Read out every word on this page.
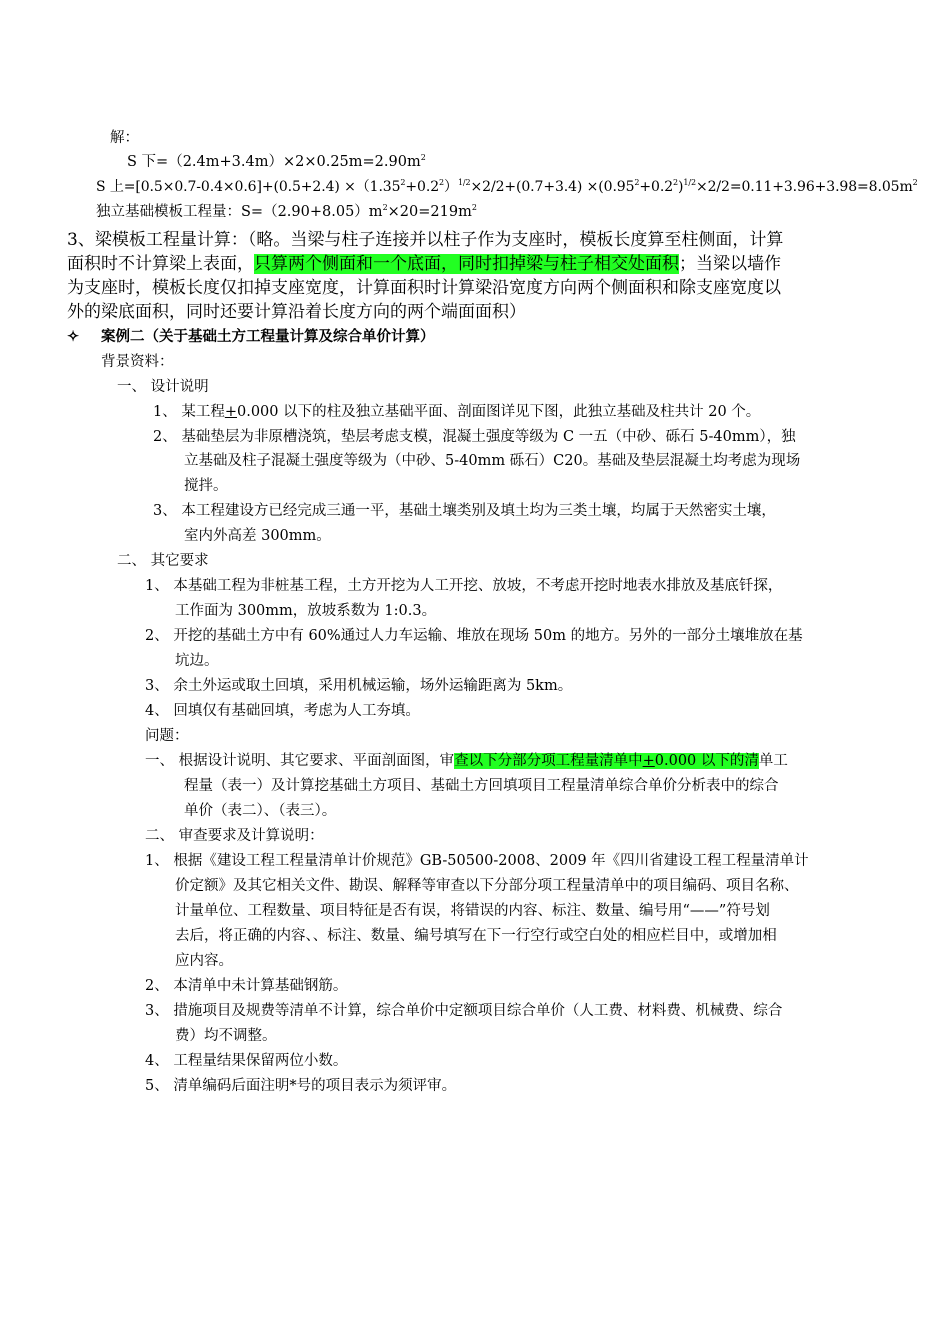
解：
S 下$=(2.4m+3.4m)\times 2\times 0.25m=2.90m^2$
S 上$=[0.5\times 0.7-0.4\times 0.6]+(0.5+2.4) \times(1.35^2+0.2^2)^{1/2}\times 2/2+(0.7+3.4) \times(0.95^2+0.2^2)^{1/2}\times 2/2=0.11+3.96+3.98=8.05m^2$
独立基础模板工程量：$S=(2.90+8.05)m^2\times 20=219m^2$
3、梁模板工程量计算：（略。当梁与柱子连接并以柱子作为支座时，模板长度算至柱侧面，计算
面积时不计算梁上表面，只算两个侧面和一个底面，同时扣掉梁与柱子相交处面积；当梁以墙作
为支座时，模板长度仅扣掉支座宽度，计算面积时计算梁沿宽度方向两个侧面积和除支座宽度以
外的梁底面积，同时还要计算沿着长度方向的两个端面面积）
✧ 案例二（关于基础土方工程量计算及综合单价计算）
背景资料：
一、 设计说明
1、 某工程+0.000 以下的柱及独立基础平面、剖面图详见下图，此独立基础及柱共计 20 个。
2、 基础垫层为非原槽浇筑，垫层考虑支模，混凝土强度等级为 C 一五（中砂、砾石 5-40mm），独
立基础及柱子混凝土强度等级为（中砂、5-40mm 砾石）C20。基础及垫层混凝土均考虑为现场
搅拌。
3、 本工程建设方已经完成三通一平，基础土壤类别及填土均为三类土壤，均属于天然密实土壤，
室内外高差 300mm。
二、 其它要求
1、 本基础工程为非桩基工程，土方开挖为人工开挖、放坡，不考虑开挖时地表水排放及基底钎探，
工作面为 300mm，放坡系数为 1:0.3。
2、 开挖的基础土方中有 60%通过人力车运输、堆放在现场 50m 的地方。另外的一部分土壤堆放在基
坑边。
3、 余土外运或取土回填，采用机械运输，场外运输距离为 5km。
4、 回填仅有基础回填，考虑为人工夯填。
问题：
一、 根据设计说明、其它要求、平面剖面图，审查以下分部分项工程量清单中+0.000 以下的清单工
程量（表一）及计算挖基础土方项目、基础土方回填项目工程量清单综合单价分析表中的综合
单价（表二）、（表三）。
二、 审查要求及计算说明：
1、 根据《建设工程工程量清单计价规范》GB-50500-2008、2009 年《四川省建设工程工程量清单计
价定额》及其它相关文件、勘误、解释等审查以下分部分项工程量清单中的项目编码、项目名称、
计量单位、工程数量、项目特征是否有误，将错误的内容、标注、数量、编号用“——”符号划
去后，将正确的内容、、标注、数量、编号填写在下一行空行或空白处的相应栏目中，或增加相
应内容。
2、 本清单中未计算基础钢筋。
3、 措施项目及规费等清单不计算，综合单价中定额项目综合单价（人工费、材料费、机械费、综合
费）均不调整。
4、 工程量结果保留两位小数。
5、 清单编码后面注明*号的项目表示为须评审。
